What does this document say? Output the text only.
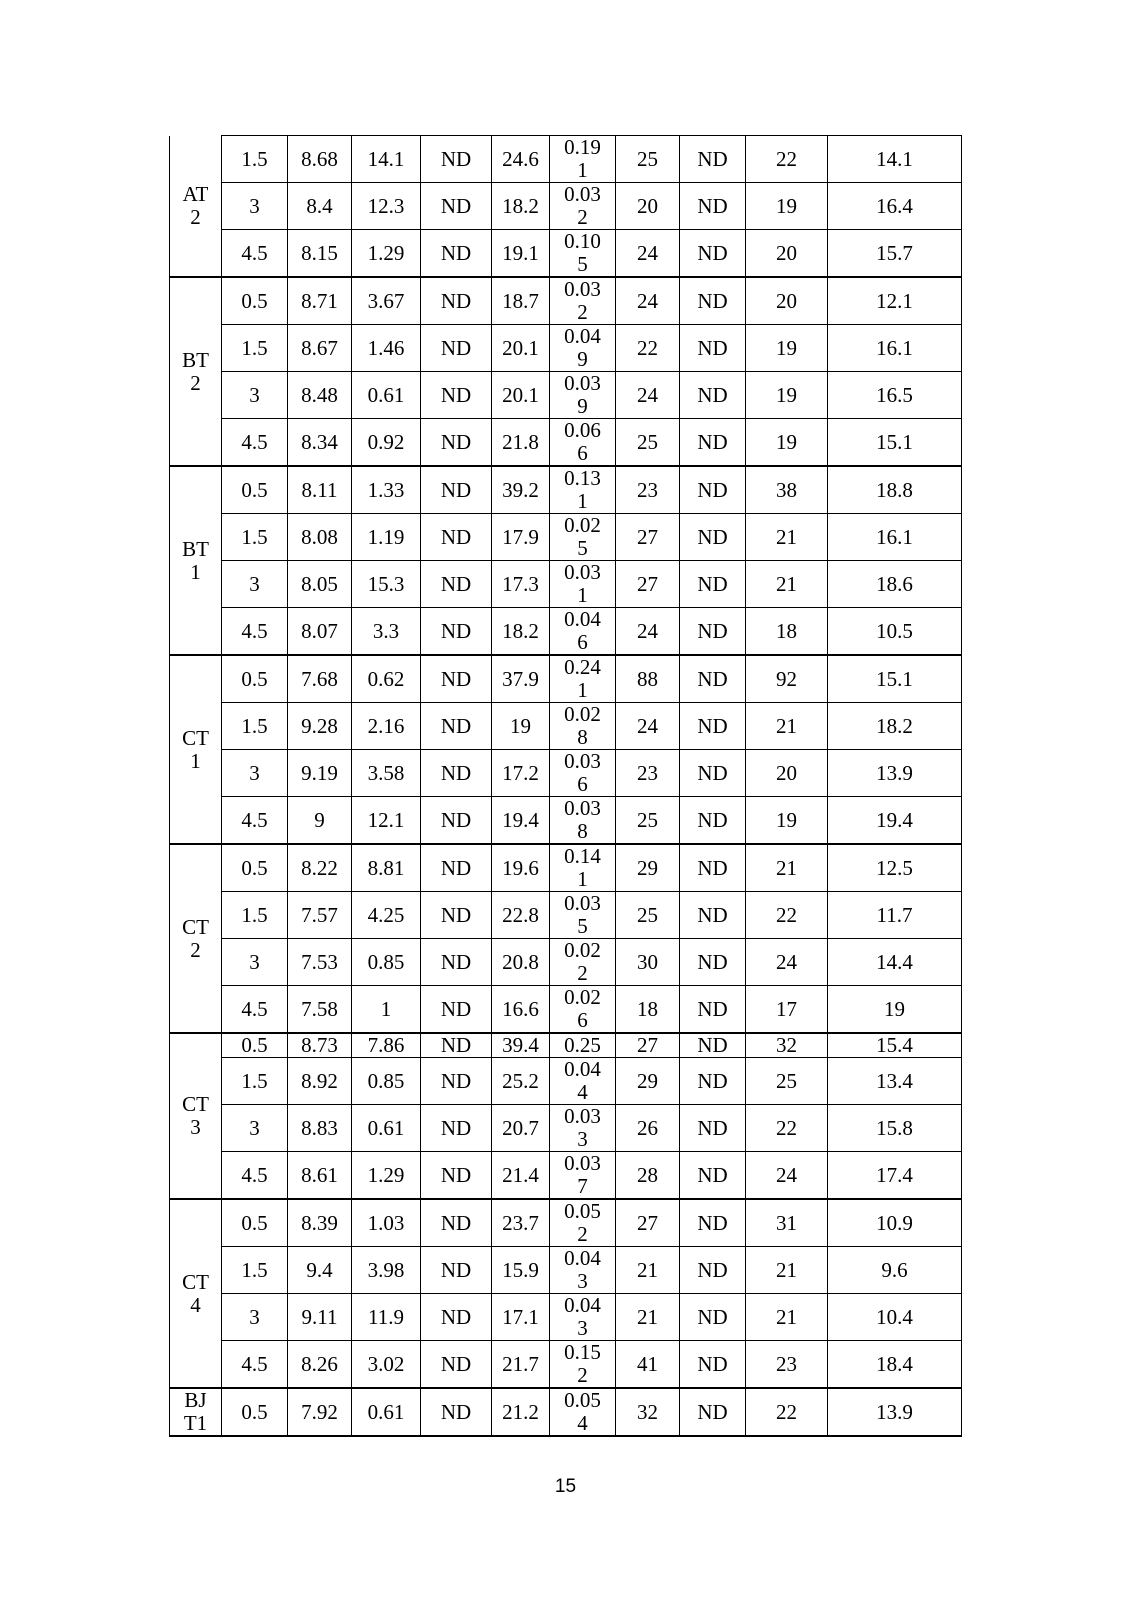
AT 2	1.5	8.68	14.1	ND	24.6	0.191	25	ND	22	14.1
	3	8.4	12.3	ND	18.2	0.032	20	ND	19	16.4
	4.5	8.15	1.29	ND	19.1	0.105	24	ND	20	15.7
BT 2	0.5	8.71	3.67	ND	18.7	0.032	24	ND	20	12.1
	1.5	8.67	1.46	ND	20.1	0.049	22	ND	19	16.1
	3	8.48	0.61	ND	20.1	0.039	24	ND	19	16.5
	4.5	8.34	0.92	ND	21.8	0.066	25	ND	19	15.1
BT 1	0.5	8.11	1.33	ND	39.2	0.131	23	ND	38	18.8
	1.5	8.08	1.19	ND	17.9	0.025	27	ND	21	16.1
	3	8.05	15.3	ND	17.3	0.031	27	ND	21	18.6
	4.5	8.07	3.3	ND	18.2	0.046	24	ND	18	10.5
CT 1	0.5	7.68	0.62	ND	37.9	0.241	88	ND	92	15.1
	1.5	9.28	2.16	ND	19	0.028	24	ND	21	18.2
	3	9.19	3.58	ND	17.2	0.036	23	ND	20	13.9
	4.5	9	12.1	ND	19.4	0.038	25	ND	19	19.4
CT 2	0.5	8.22	8.81	ND	19.6	0.141	29	ND	21	12.5
	1.5	7.57	4.25	ND	22.8	0.035	25	ND	22	11.7
	3	7.53	0.85	ND	20.8	0.022	30	ND	24	14.4
	4.5	7.58	1	ND	16.6	0.026	18	ND	17	19
CT 3	0.5	8.73	7.86	ND	39.4	0.25	27	ND	32	15.4
	1.5	8.92	0.85	ND	25.2	0.044	29	ND	25	13.4
	3	8.83	0.61	ND	20.7	0.033	26	ND	22	15.8
	4.5	8.61	1.29	ND	21.4	0.037	28	ND	24	17.4
CT 4	0.5	8.39	1.03	ND	23.7	0.052	27	ND	31	10.9
	1.5	9.4	3.98	ND	15.9	0.043	21	ND	21	9.6
	3	9.11	11.9	ND	17.1	0.043	21	ND	21	10.4
	4.5	8.26	3.02	ND	21.7	0.152	41	ND	23	18.4
BJ T1	0.5	7.92	0.61	ND	21.2	0.054	32	ND	22	13.9
15
